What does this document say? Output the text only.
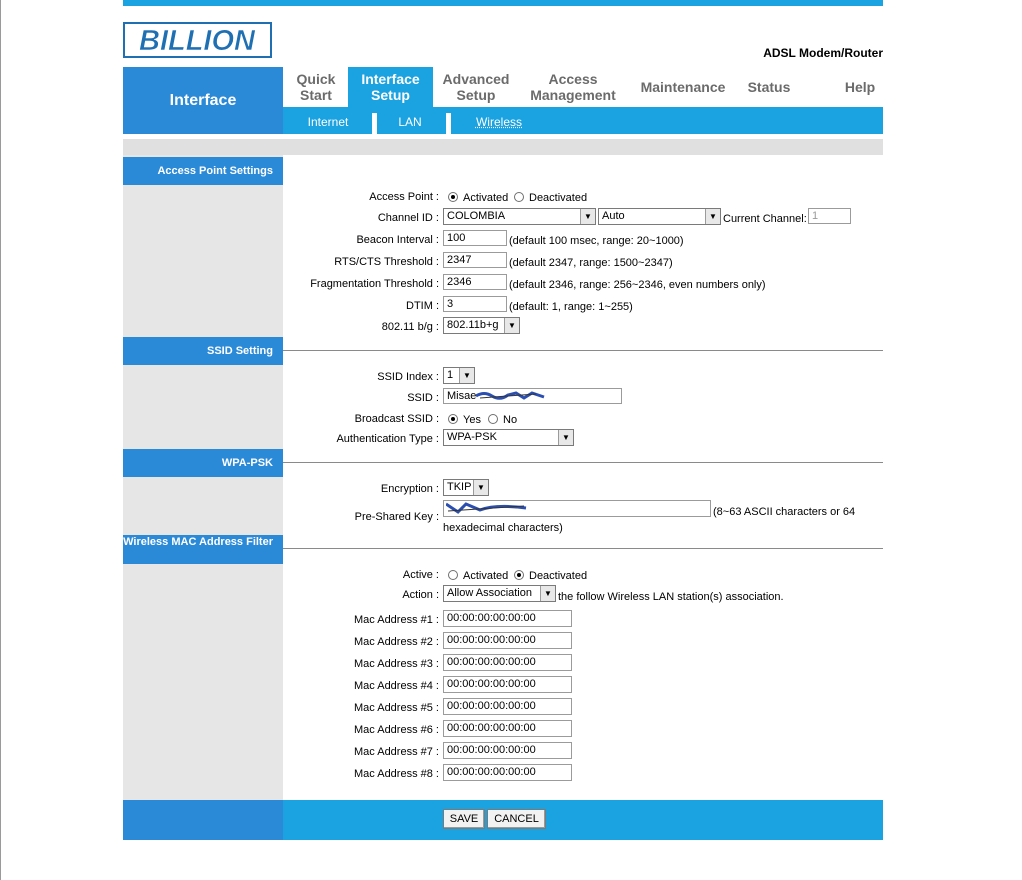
BILLION	ADSL Modem/Router
Interface
Quick
Start
Interface
Setup
Advanced
Setup
Access
Management Maintenance Status	Help
Internet	LAN	Wireless
Access Point Settings
Access Point : Activated Deactivated
Channel ID : COLOMBIA	▼ Auto	▼ Current Channel: 1
Beacon Interval : 100	(default 100 msec, range: 20~1000)
RTS/CTS Threshold : 2347	(default 2347, range: 1500~2347)
Fragmentation Threshold : 2346	(default 2346, range: 256~2346, even numbers only)
DTIM : 3	(default: 1, range: 1~255)
802.11 b/g : 802.11b+g	▼
SSID Setting
SSID Index : 1	▼
SSID : Misae
Broadcast SSID : Yes No
Authentication Type : WPA-PSK	▼
WPA-PSK
Encryption : TKIP ▼
Pre-Shared Key :	(8~63 ASCII characters or 64
hexadecimal characters)
Wireless MAC Address Filter
Active : Activated Deactivated
Action : Allow Association	▼ the follow Wireless LAN station(s) association.
Mac Address #1 : 00:00:00:00:00:00
Mac Address #2 : 00:00:00:00:00:00
Mac Address #3 : 00:00:00:00:00:00
Mac Address #4 : 00:00:00:00:00:00
Mac Address #5 : 00:00:00:00:00:00
Mac Address #6 : 00:00:00:00:00:00
Mac Address #7 : 00:00:00:00:00:00
Mac Address #8 : 00:00:00:00:00:00
SAVE	CANCEL
